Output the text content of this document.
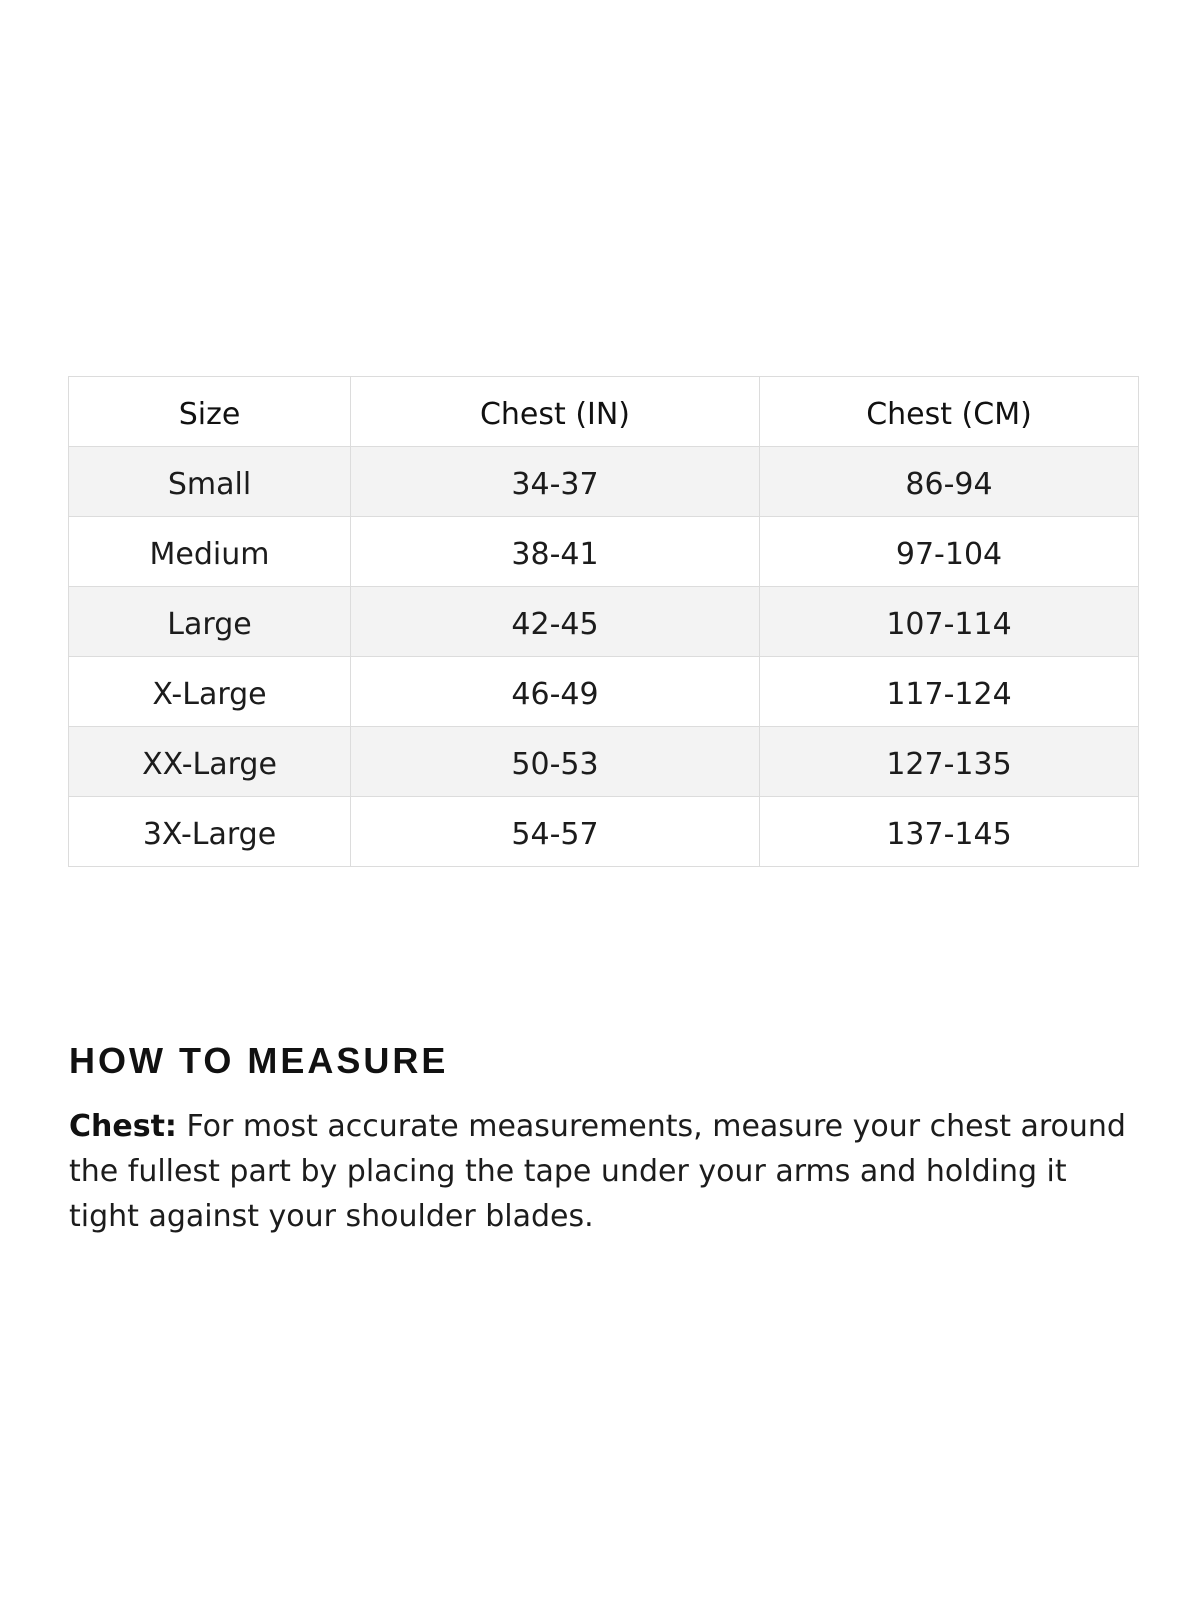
Size	Chest (IN)	Chest (CM)
Small	34-37	86-94
Medium	38-41	97-104
Large	42-45	107-114
X-Large	46-49	117-124
XX-Large	50-53	127-135
3X-Large	54-57	137-145
HOW TO MEASURE

Chest: For most accurate measurements, measure your chest around the fullest part by placing the tape under your arms and holding it tight against your shoulder blades.
